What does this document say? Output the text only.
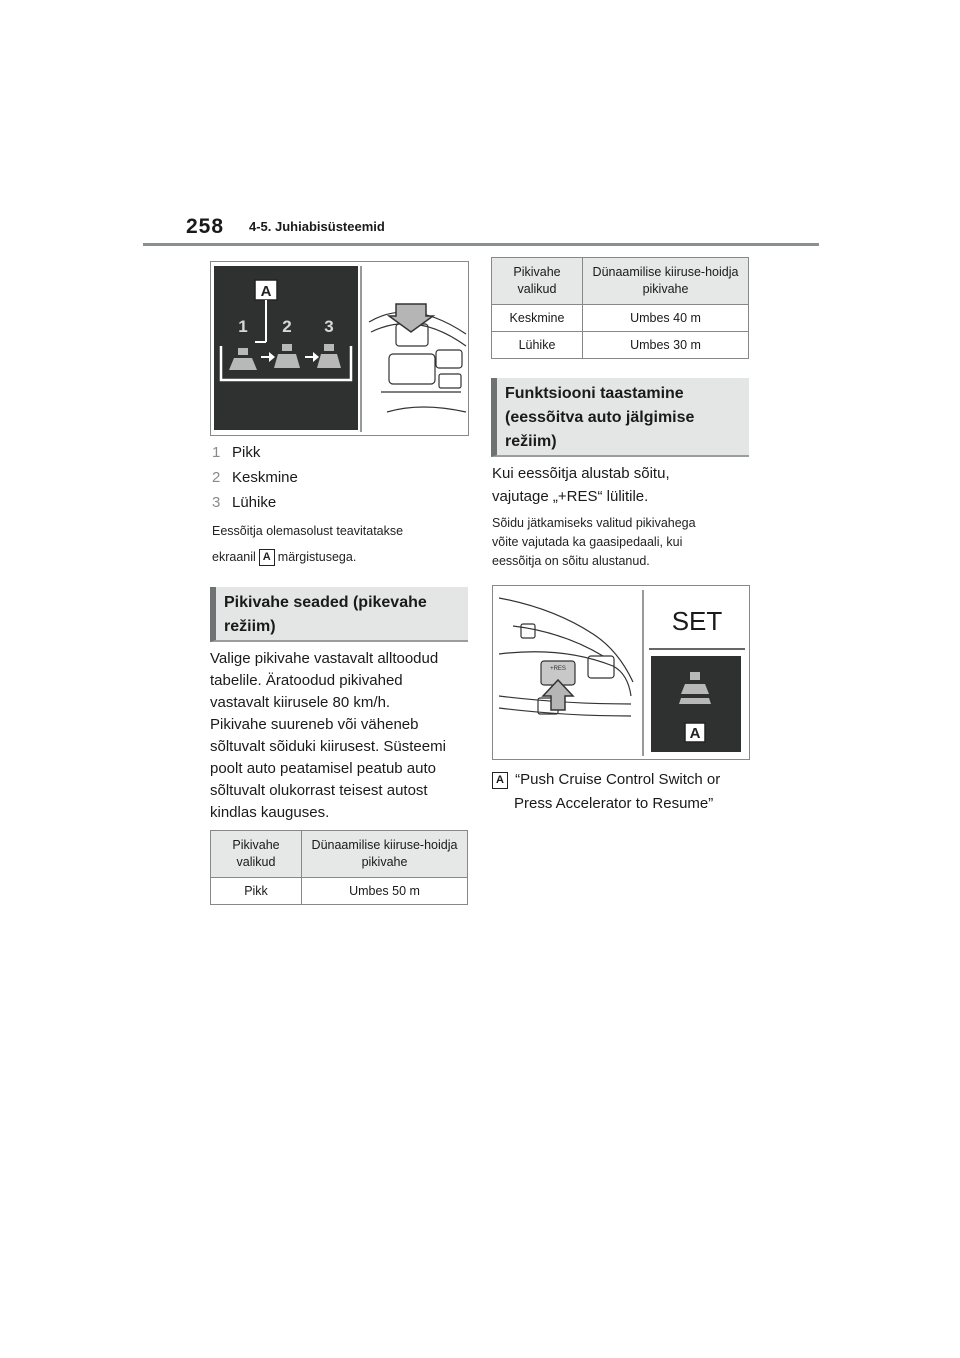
258 4-5. Juhiabisüsteemid
A
1 2 3
1 Pikk
2 Keskmine
3 Lühike
Eessõitja olemasolust teavitatakse
ekraanil A märgistusega.
Pikivahe seaded (pikevahe režiim)
Valige pikivahe vastavalt alltoodud
tabelile. Äratoodud pikivahed
vastavalt kiirusele 80 km/h.
Pikivahe suureneb või väheneb
sõltuvalt sõiduki kiirusest. Süsteemi
poolt auto peatamisel peatub auto
sõltuvalt olukorrast teisest autost
kindlas kauguses.
Pikivahe valikud	Dünaamilise kiiruse-hoidja pikivahe
Pikk	Umbes 50 m
Pikivahe valikud	Dünaamilise kiiruse-hoidja pikivahe
Keskmine	Umbes 40 m
Lühike	Umbes 30 m
Funktsiooni taastamine (eessõitva auto jälgimise režiim)
Kui eessõitja alustab sõitu,
vajutage „+RES“ lülitile.
Sõidu jätkamiseks valitud pikivahega
võite vajutada ka gaasipedaali, kui
eessõitja on sõitu alustanud.
+RES
SET
A
A “Push Cruise Control Switch or
Press Accelerator to Resume”
